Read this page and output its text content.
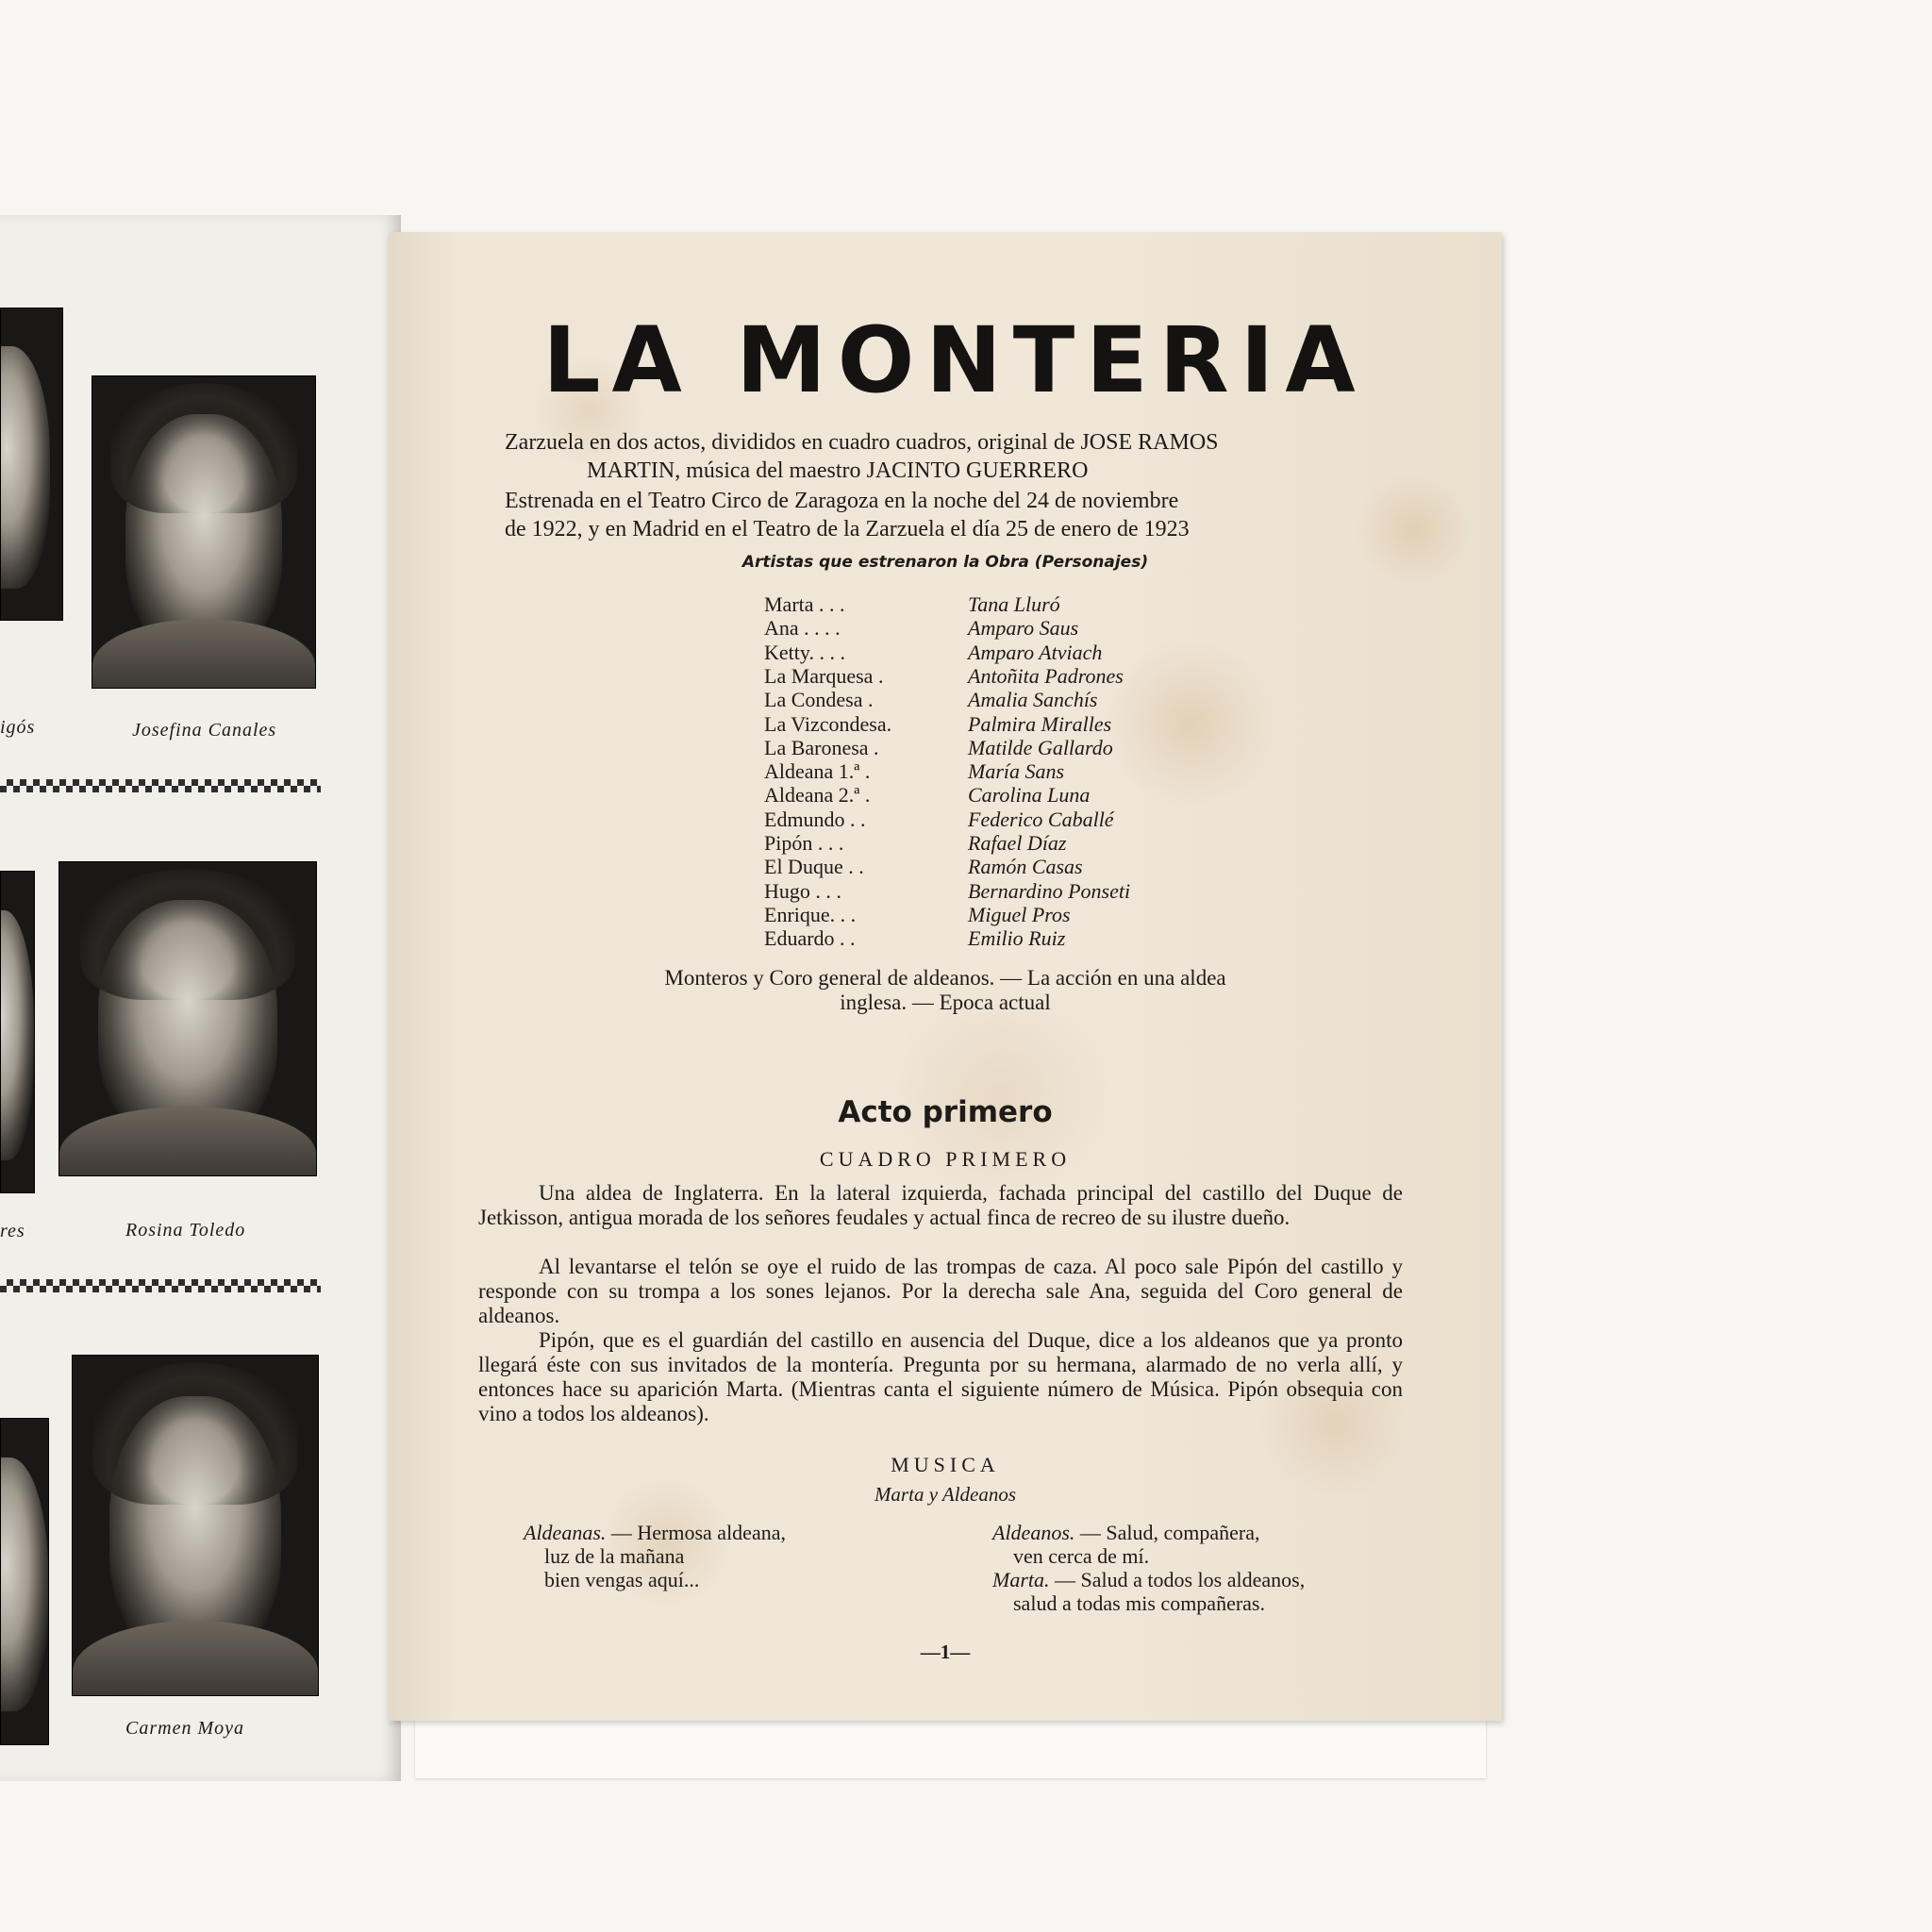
igós	Josefina Canales
res	Rosina Toledo
llot	Carmen Moya
LA MONTERIA
Zarzuela en dos actos, divididos en cuadro cuadros, original de JOSE RAMOS
MARTIN, música del maestro JACINTO GUERRERO
Estrenada en el Teatro Circo de Zaragoza en la noche del 24 de noviembre
de 1922, y en Madrid en el Teatro de la Zarzuela el día 25 de enero de 1923
Artistas que estrenaron la Obra (Personajes)
Marta . . .	Tana Lluró
Ana . . . .	Amparo Saus
Ketty. . . .	Amparo Atviach
La Marquesa .	Antoñita Padrones
La Condesa .	Amalia Sanchís
La Vizcondesa.	Palmira Miralles
La Baronesa .	Matilde Gallardo
Aldeana 1.ª .	María Sans
Aldeana 2.ª .	Carolina Luna
Edmundo . .	Federico Caballé
Pipón . . .	Rafael Díaz
El Duque . .	Ramón Casas
Hugo . . .	Bernardino Ponseti
Enrique. . .	Miguel Pros
Eduardo . .	Emilio Ruiz
Monteros y Coro general de aldeanos. — La acción en una aldea
inglesa. — Epoca actual
Acto primero
CUADRO PRIMERO

Una aldea de Inglaterra. En la lateral izquierda, fachada principal del castillo del Duque de Jetkisson, antigua morada de los señores feudales y actual finca de recreo de su ilustre dueño.

Al levantarse el telón se oye el ruido de las trompas de caza. Al poco sale Pipón del castillo y responde con su trompa a los sones lejanos. Por la derecha sale Ana, seguida del Coro general de aldeanos.

Pipón, que es el guardián del castillo en ausencia del Duque, dice a los aldeanos que ya pronto llegará éste con sus invitados de la montería. Pregunta por su hermana, alarmado de no verla allí, y entonces hace su aparición Marta. (Mientras canta el siguiente número de Música. Pipón obsequia con vino a todos los aldeanos).

MUSICA
Marta y Aldeanos
Aldeanas. — Hermosa aldeana,
luz de la mañana
bien vengas aquí...
Aldeanos. — Salud, compañera,
ven cerca de mí.
Marta. — Salud a todos los aldeanos,
salud a todas mis compañeras.
—1—
